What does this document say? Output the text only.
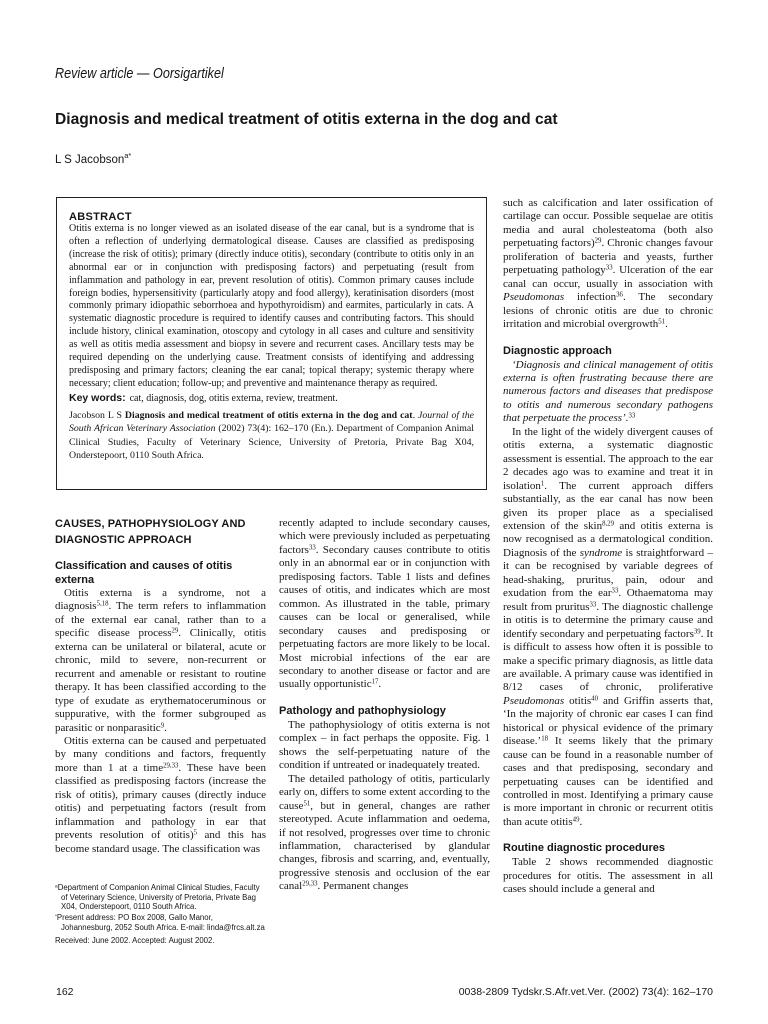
Review article — Oorsigartikel
Diagnosis and medical treatment of otitis externa in the dog and cat
L S Jacobson$^{a*}$
ABSTRACT

Otitis externa is no longer viewed as an isolated disease of the ear canal, but is a syndrome that is often a reflection of underlying dermatological disease. Causes are classified as predisposing (increase the risk of otitis); primary (directly induce otitis), secondary (contribute to otitis only in an abnormal ear or in conjunction with predisposing factors) and perpetuating (result from inflammation and pathology in ear, prevent resolution of otitis). Common primary causes include foreign bodies, hypersensitivity (particularly atopy and food allergy), keratinisation disorders (most commonly primary idiopathic seborrhoea and hypothyroidism) and earmites, particularly in cats. A systematic diagnostic procedure is required to identify causes and contributing factors. This should include history, clinical examination, otoscopy and cytology in all cases and culture and sensitivity as well as otitis media assessment and biopsy in severe and recurrent cases. Ancillary tests may be required depending on the underlying cause. Treatment consists of identifying and addressing predisposing and primary factors; cleaning the ear canal; topical therapy; systemic therapy where necessary; client education; follow-up; and preventive and maintenance therapy as required.

Key words: cat, diagnosis, dog, otitis externa, review, treatment.

Jacobson L S Diagnosis and medical treatment of otitis externa in the dog and cat. Journal of the South African Veterinary Association (2002) 73(4): 162–170 (En.). Department of Companion Animal Clinical Studies, Faculty of Veterinary Science, University of Pretoria, Private Bag X04, Onderstepoort, 0110 South Africa.

such as calcification and later ossification of cartilage can occur. Possible sequelae are otitis media and aural cholesteatoma (both also perpetuating factors)$^{29}$. Chronic changes favour proliferation of bacteria and yeasts, further perpetuating pathology$^{33}$. Ulceration of the ear canal can occur, usually in association with Pseudomonas infection$^{36}$. The secondary lesions of chronic otitis are due to chronic irritation and microbial overgrowth$^{51}$.

Diagnostic approach

‘Diagnosis and clinical management of otitis externa is often frustrating because there are numerous factors and diseases that predispose to otitis and numerous secondary pathogens that perpetuate the process’.$^{33}$

In the light of the widely divergent causes of otitis externa, a systematic diagnostic assessment is essential. The approach to the ear 2 decades ago was to examine and treat it in isolation$^1$. The current approach differs substantially, as the ear canal has now been given its proper place as a specialised extension of the skin$^{8,29}$ and otitis externa is now recognised as a dermatological condition. Diagnosis of the syndrome is straightforward – it can be recognised by variable degrees of head-shaking, pruritus, pain, odour and exudation from the ear$^{33}$. Othaematoma may result from pruritus$^{33}$. The diagnostic challenge in otitis is to determine the primary cause and identify secondary and perpetuating factors$^{39}$. It is difficult to assess how often it is possible to make a specific primary diagnosis, as little data are available. A primary cause was identified in 8/12 cases of chronic, proliferative Pseudomonas otitis$^{40}$ and Griffin asserts that, ‘In the majority of chronic ear cases I can find historical or physical evidence of the primary disease.’$^{18}$ It seems likely that the primary cause can be found in a reasonable number of cases and that predisposing, secondary and perpetuating causes can be identified and controlled in most. Identifying a primary cause is more important in chronic or recurrent otitis than acute otitis$^{49}$.

Routine diagnostic procedures

Table 2 shows recommended diagnostic procedures for otitis. The assessment in all cases should include a general and

CAUSES, PATHOPHYSIOLOGY AND DIAGNOSTIC APPROACH
Classification and causes of otitis externa

Otitis externa is a syndrome, not a diagnosis$^{5,18}$. The term refers to inflammation of the external ear canal, rather than to a specific disease process$^{29}$. Clinically, otitis externa can be unilateral or bilateral, acute or chronic, mild to severe, non-recurrent or recurrent and amenable or resistant to routine therapy. It has been classified according to the type of exudate as erythematoceruminous or suppurative, with the former subgrouped as parasitic or nonparasitic$^9$.

Otitis externa can be caused and perpetuated by many conditions and factors, frequently more than 1 at a time$^{29,33}$. These have been classified as predisposing factors (increase the risk of otitis), primary causes (directly induce otitis) and perpetuating factors (result from inflammation and pathology in ear that prevents resolution of otitis)$^5$ and this has become standard usage. The classification was

$^a$Department of Companion Animal Clinical Studies, Faculty of Veterinary Science, University of Pretoria, Private Bag X04, Onderstepoort, 0110 South Africa.

*Present address: PO Box 2008, Gallo Manor, Johannesburg, 2052 South Africa. E-mail: linda@frcs.alt.za

Received: June 2002. Accepted: August 2002.

recently adapted to include secondary causes, which were previously included as perpetuating factors$^{33}$. Secondary causes contribute to otitis only in an abnormal ear or in conjunction with predisposing factors. Table 1 lists and defines causes of otitis, and indicates which are most common. As illustrated in the table, primary causes can be local or generalised, while secondary causes and predisposing or perpetuating factors are more likely to be local. Most microbial infections of the ear are secondary to another disease or factor and are usually opportunistic$^{17}$.

Pathology and pathophysiology

The pathophysiology of otitis externa is not complex – in fact perhaps the opposite. Fig. 1 shows the self-perpetuating nature of the condition if untreated or inadequately treated.

The detailed pathology of otitis, particularly early on, differs to some extent according to the cause$^{51}$, but in general, changes are rather stereotyped. Acute inflammation and oedema, if not resolved, progresses over time to chronic inflammation, characterised by glandular changes, fibrosis and scarring, and, eventually, progressive stenosis and occlusion of the ear canal$^{29,33}$. Permanent changes

162	0038-2809 Tydskr.S.Afr.vet.Ver. (2002) 73(4): 162–170
